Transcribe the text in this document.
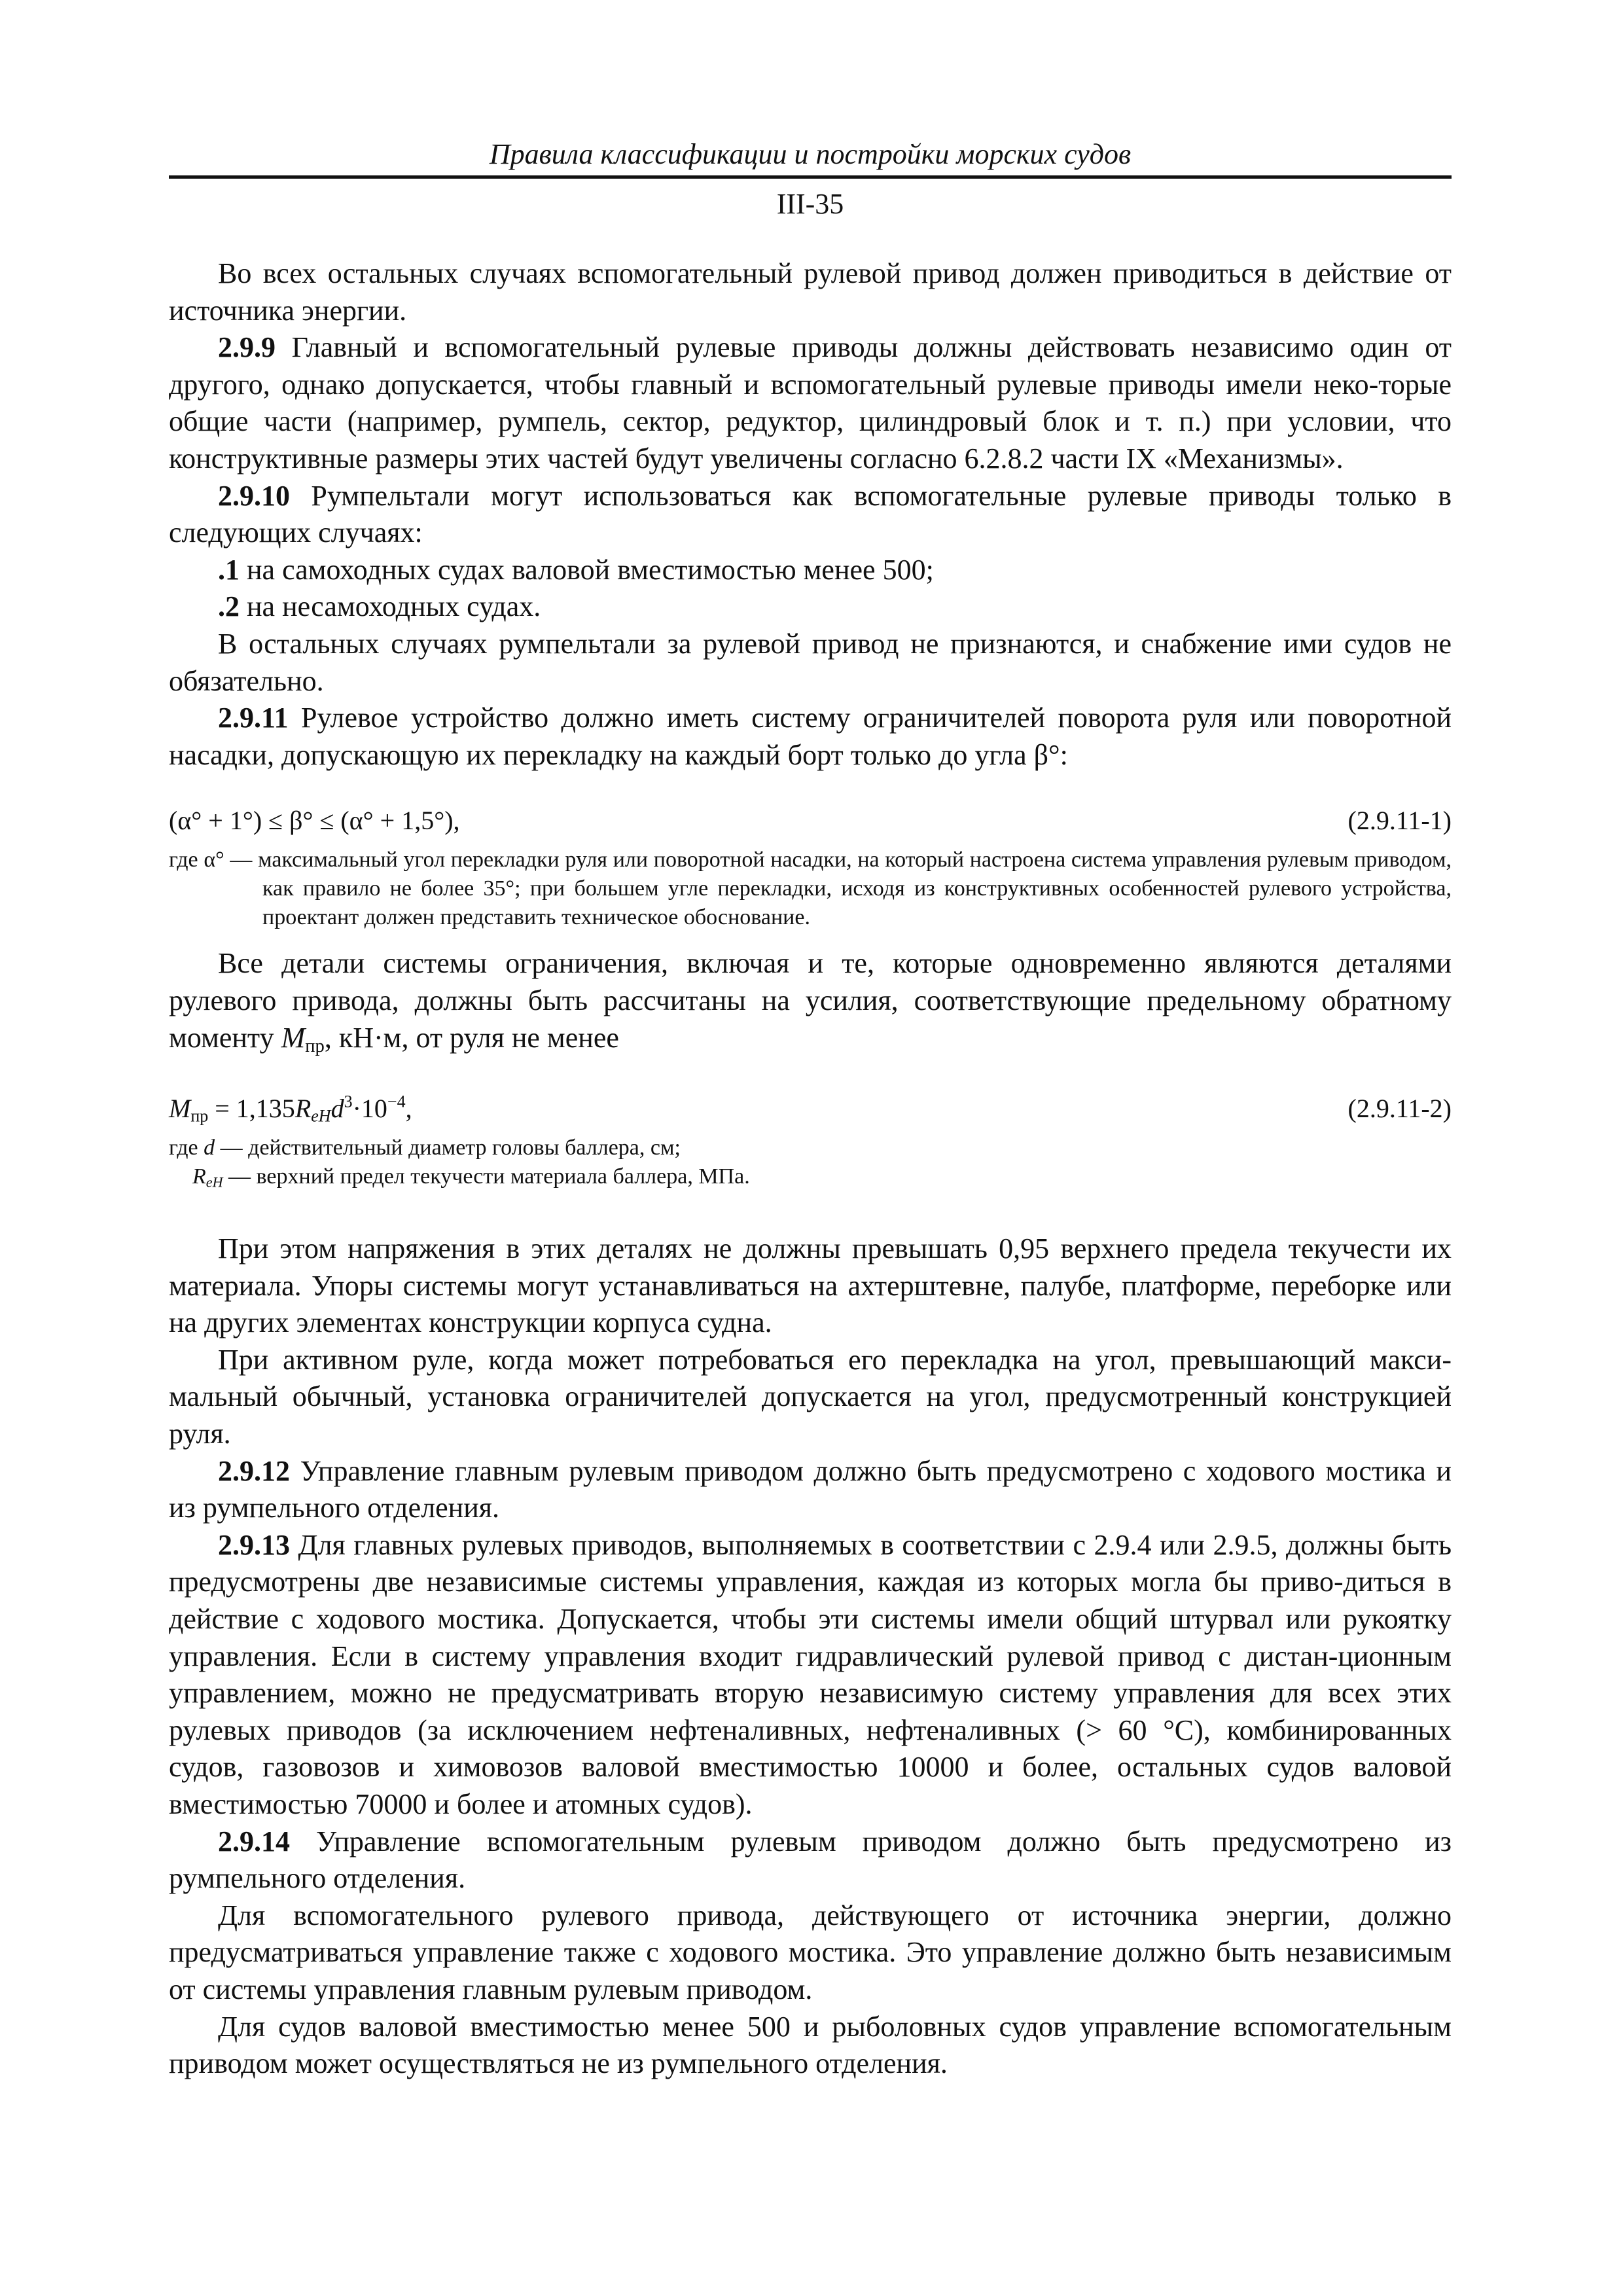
Правила классификации и постройки морских судов
III-35

Во всех остальных случаях вспомогательный рулевой привод должен приводиться в действие от источника энергии.

2.9.9 Главный и вспомогательный рулевые приводы должны действовать независимо один от другого, однако допускается, чтобы главный и вспомогательный рулевые приводы имели неко-торые общие части (например, румпель, сектор, редуктор, цилиндровый блок и т. п.) при условии, что конструктивные размеры этих частей будут увеличены согласно 6.2.8.2 части IX «Механизмы».

2.9.10 Румпельтали могут использоваться как вспомогательные рулевые приводы только в следующих случаях:

.1 на самоходных судах валовой вместимостью менее 500;

.2 на несамоходных судах.

В остальных случаях румпельтали за рулевой привод не признаются, и снабжение ими судов не обязательно.

2.9.11 Рулевое устройство должно иметь систему ограничителей поворота руля или поворотной насадки, допускающую их перекладку на каждый борт только до угла β°:

(α° + 1°) ≤ β° ≤ (α° + 1,5°),	(2.9.11-1)
где α° — максимальный угол перекладки руля или поворотной насадки, на который настроена система управления рулевым приводом, как правило не более 35°; при большем угле перекладки, исходя из конструктивных особенностей рулевого устройства, проектант должен представить техническое обоснование.

Все детали системы ограничения, включая и те, которые одновременно являются деталями рулевого привода, должны быть рассчитаны на усилия, соответствующие предельному обратному моменту $M_{пр}$, кН·м, от руля не менее

$M_{пр} = 1,135R_{eH}d^3\cdot 10^{-4}$,	(2.9.11-2)
где d — действительный диаметр головы баллера, см;
$R_{eH}$ — верхний предел текучести материала баллера, МПа.

При этом напряжения в этих деталях не должны превышать 0,95 верхнего предела текучести их материала. Упоры системы могут устанавливаться на ахтерштевне, палубе, платформе, переборке или на других элементах конструкции корпуса судна.

При активном руле, когда может потребоваться его перекладка на угол, превышающий макси-мальный обычный, установка ограничителей допускается на угол, предусмотренный конструкцией руля.

2.9.12 Управление главным рулевым приводом должно быть предусмотрено с ходового мостика и из румпельного отделения.

2.9.13 Для главных рулевых приводов, выполняемых в соответствии с 2.9.4 или 2.9.5, должны быть предусмотрены две независимые системы управления, каждая из которых могла бы приво-диться в действие с ходового мостика. Допускается, чтобы эти системы имели общий штурвал или рукоятку управления. Если в систему управления входит гидравлический рулевой привод с дистан-ционным управлением, можно не предусматривать вторую независимую систему управления для всех этих рулевых приводов (за исключением нефтеналивных, нефтеналивных (> 60 °С), комбинированных судов, газовозов и химовозов валовой вместимостью 10000 и более, остальных судов валовой вместимостью 70000 и более и атомных судов).

2.9.14 Управление вспомогательным рулевым приводом должно быть предусмотрено из румпельного отделения.

Для вспомогательного рулевого привода, действующего от источника энергии, должно предусматриваться управление также с ходового мостика. Это управление должно быть независимым от системы управления главным рулевым приводом.

Для судов валовой вместимостью менее 500 и рыболовных судов управление вспомогательным приводом может осуществляться не из румпельного отделения.
